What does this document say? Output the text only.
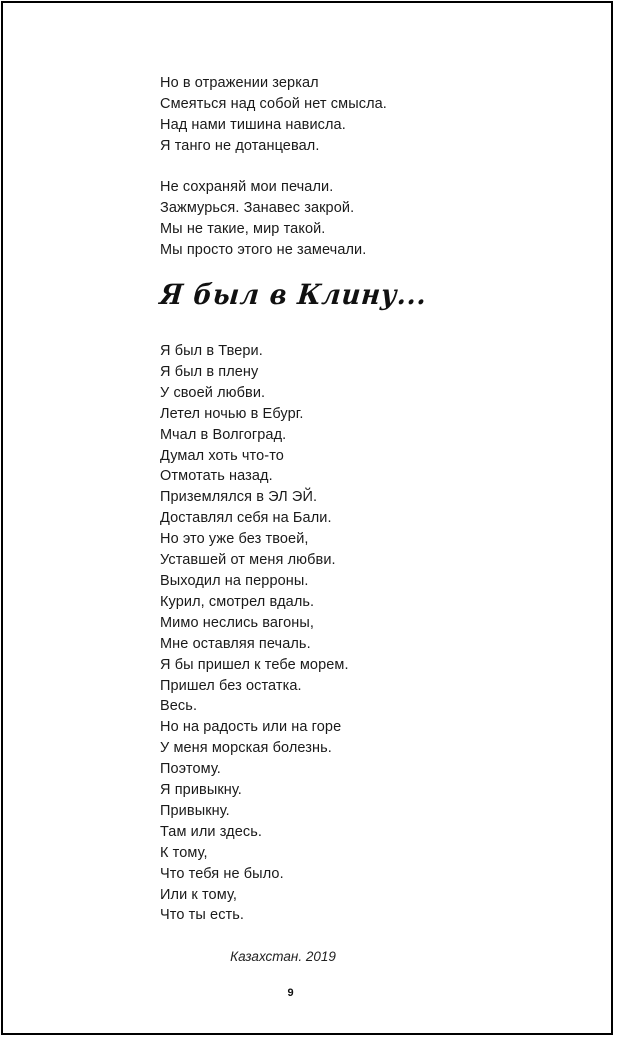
Но в отражении зеркал
Смеяться над собой нет смысла.
Над нами тишина нависла.
Я танго не дотанцевал.
Не сохраняй мои печали.
Зажмурься. Занавес закрой.
Мы не такие, мир такой.
Мы просто этого не замечали.
Я был в Клину...
Я был в Твери.
Я был в плену
У своей любви.
Летел ночью в Ебург.
Мчал в Волгоград.
Думал хоть что-то
Отмотать назад.
Приземлялся в ЭЛ ЭЙ.
Доставлял себя на Бали.
Но это уже без твоей,
Уставшей от меня любви.
Выходил на перроны.
Курил, смотрел вдаль.
Мимо неслись вагоны,
Мне оставляя печаль.
Я бы пришел к тебе морем.
Пришел без остатка.
Весь.
Но на радость или на горе
У меня морская болезнь.
Поэтому.
Я привыкну.
Привыкну.
Там или здесь.
К тому,
Что тебя не было.
Или к тому,
Что ты есть.
Казахстан. 2019
9
